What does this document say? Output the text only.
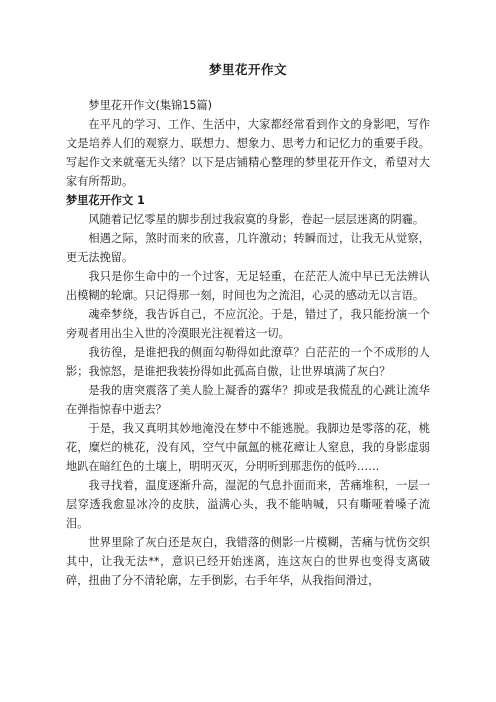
梦里花开作文

梦里花开作文(集锦15篇)

在平凡的学习、工作、生活中，大家都经常看到作文的身影吧，写作文是培养人们的观察力、联想力、想象力、思考力和记忆力的重要手段。写起作文来就毫无头绪？以下是店铺精心整理的梦里花开作文，希望对大家有所帮助。

梦里花开作文 1

风随着记忆零星的脚步刮过我寂寞的身影，卷起一层层迷离的阴霾。

相遇之际，煞时而来的欣喜，几许激动；转瞬而过，让我无从觉察，更无法挽留。

我只是你生命中的一个过客，无足轻重，在茫茫人流中早已无法辨认出模糊的轮廓。只记得那一刻，时间也为之流泪，心灵的感动无以言语。

魂牵梦绕，我告诉自己，不应沉沦。于是，错过了，我只能扮演一个旁观者用出尘入世的冷漠眼光注视着这一切。

我彷徨，是谁把我的侧面勾勒得如此潦草？白茫茫的一个不成形的人影；我惊怒，是谁把我装扮得如此孤高自傲，让世界填满了灰白？

是我的唐突震落了美人脸上凝香的露华？抑或是我慌乱的心跳让流华在弹指惊春中逝去？

于是，我又真明其妙地淹没在梦中不能逃脱。我脚边是零落的花，桃花，糜烂的桃花，没有风，空气中氤氲的桃花瘴让人窒息，我的身影虚弱地趴在暗红色的土壤上，明明灭灭，分明听到那悲伤的低吟……

我寻找着，温度逐渐升高，湿泥的气息扑面而来，苦痛堆积，一层一层穿透我愈显冰冷的皮肤，溢满心头，我不能呐喊，只有嘶哑着嗓子流泪。

世界里除了灰白还是灰白，我错落的侧影一片模糊，苦痛与忧伤交织其中，让我无法**，意识已经开始迷离，连这灰白的世界也变得支离破碎，扭曲了分不清轮廓，左手倒影，右手年华，从我指间滑过，
